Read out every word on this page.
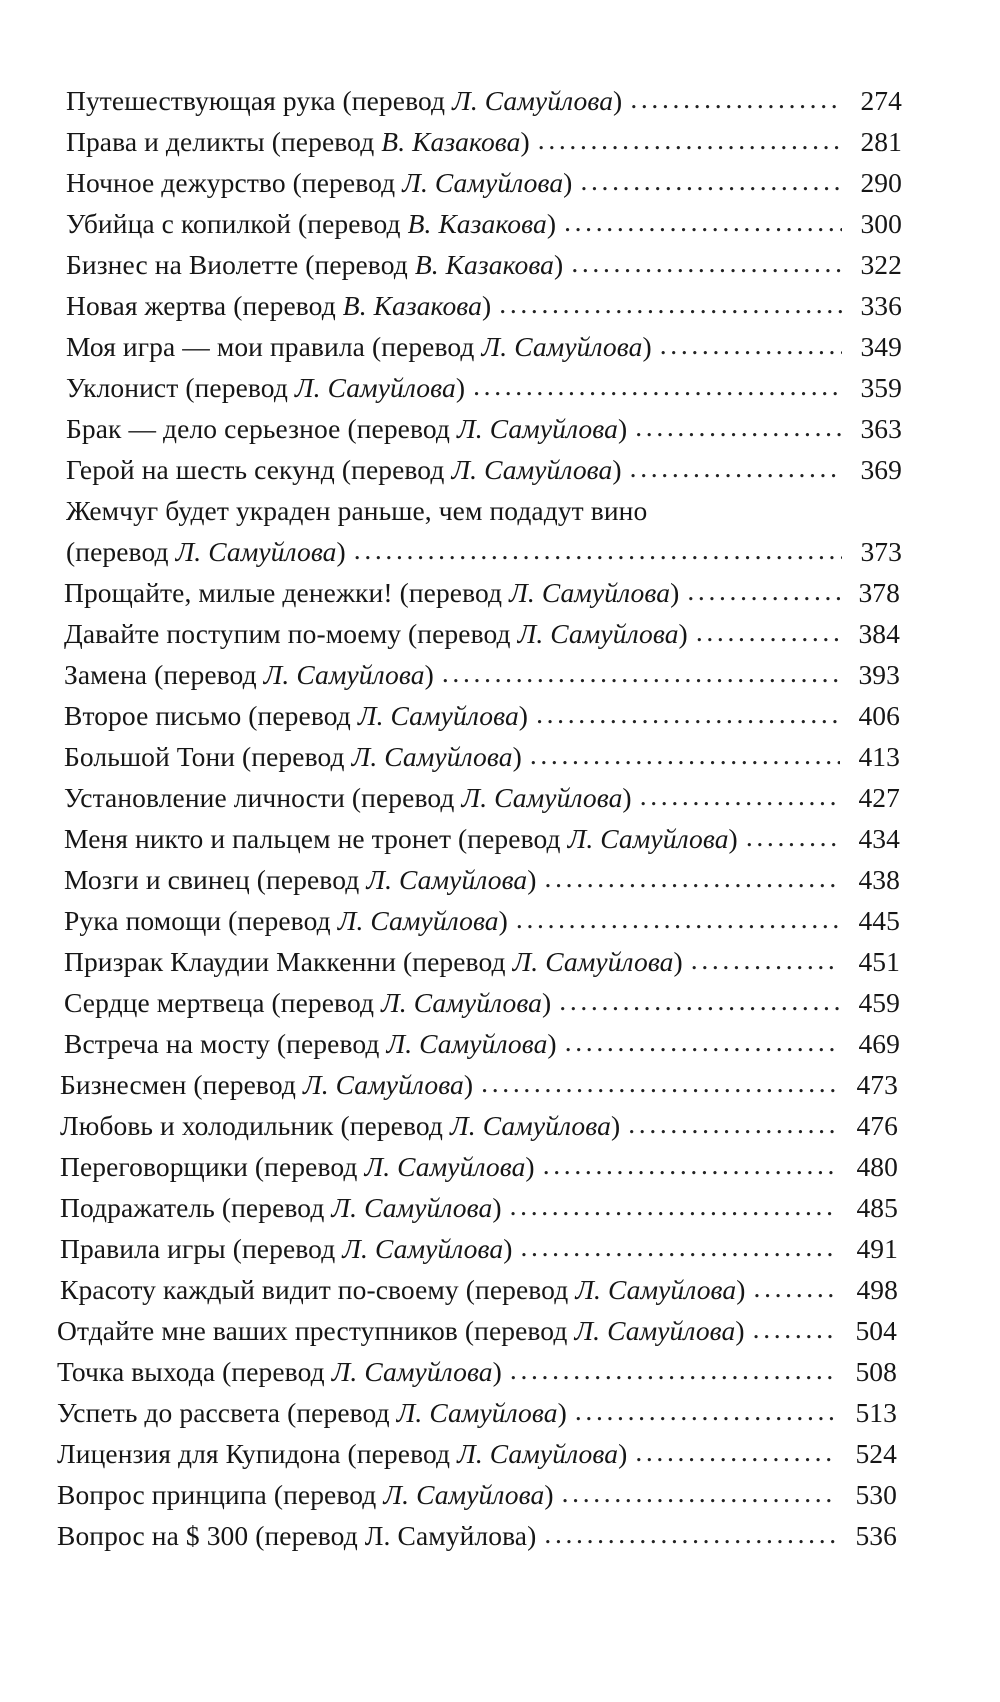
Путешествующая рука (перевод Л. Самуйлова) . . .	274
Права и деликты (перевод В. Казакова) . . .	281
Ночное дежурство (перевод Л. Самуйлова) . . .	290
Убийца с копилкой (перевод В. Казакова) . . .	300
Бизнес на Виолетте (перевод В. Казакова) . . .	322
Новая жертва (перевод В. Казакова) . . .	336
Моя игра — мои правила (перевод Л. Самуйлова) . . .	349
Уклонист (перевод Л. Самуйлова) . . .	359
Брак — дело серьезное (перевод Л. Самуйлова) . . .	363
Герой на шесть секунд (перевод Л. Самуйлова) . . .	369
Жемчуг будет украден раньше, чем подадут вино
(перевод Л. Самуйлова) . . .	373
Прощайте, милые денежки! (перевод Л. Самуйлова) . . .	378
Давайте поступим по-моему (перевод Л. Самуйлова) . . .	384
Замена (перевод Л. Самуйлова) . . .	393
Второе письмо (перевод Л. Самуйлова) . . .	406
Большой Тони (перевод Л. Самуйлова) . . .	413
Установление личности (перевод Л. Самуйлова) . . .	427
Меня никто и пальцем не тронет (перевод Л. Самуйлова) . . .	434
Мозги и свинец (перевод Л. Самуйлова) . . .	438
Рука помощи (перевод Л. Самуйлова) . . .	445
Призрак Клаудии Маккенни (перевод Л. Самуйлова) . . .	451
Сердце мертвеца (перевод Л. Самуйлова) . . .	459
Встреча на мосту (перевод Л. Самуйлова) . . .	469
Бизнесмен (перевод Л. Самуйлова) . . .	473
Любовь и холодильник (перевод Л. Самуйлова) . . .	476
Переговорщики (перевод Л. Самуйлова) . . .	480
Подражатель (перевод Л. Самуйлова) . . .	485
Правила игры (перевод Л. Самуйлова) . . .	491
Красоту каждый видит по-своему (перевод Л. Самуйлова) . . .	498
Отдайте мне ваших преступников (перевод Л. Самуйлова) . . .	504
Точка выхода (перевод Л. Самуйлова) . . .	508
Успеть до рассвета (перевод Л. Самуйлова) . . .	513
Лицензия для Купидона (перевод Л. Самуйлова) . . .	524
Вопрос принципа (перевод Л. Самуйлова) . . .	530
Вопрос на $ 300 (перевод Л. Самуйлова) . . .	536
